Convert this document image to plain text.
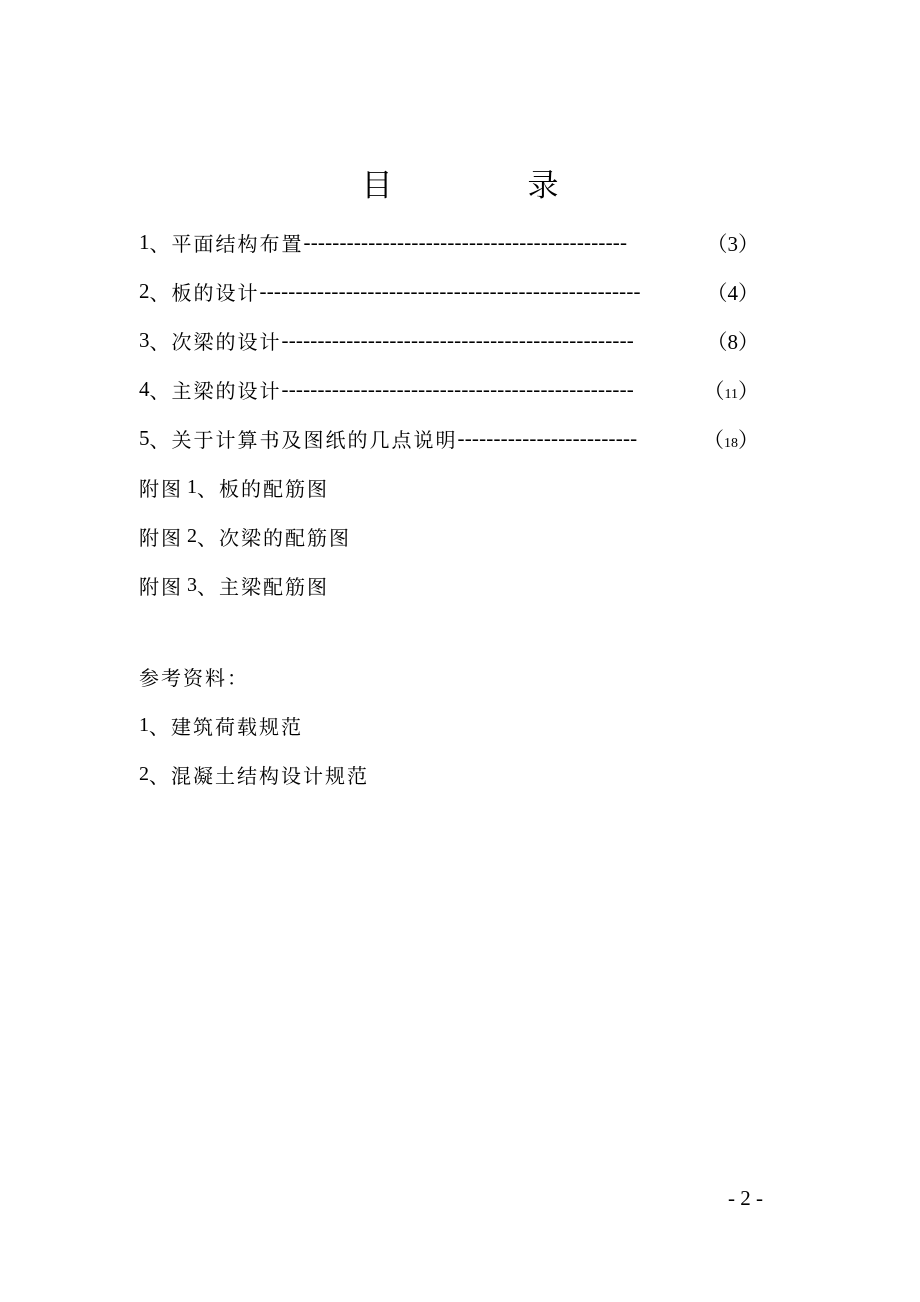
目　录
1 、平面结构布置 ---------------------------------------------	（3）
2 、板的设计 -----------------------------------------------------	（4）
3 、次梁的设计 -------------------------------------------------	（8）
4 、主梁的设计 -------------------------------------------------	（11）
5 、关于计算书及图纸的几点说明 -------------------------	（18）
附图 1 、板的配筋图
附图 2 、次梁的配筋图
附图 3 、主梁配筋图
参考资料：
1 、建筑荷载规范
2 、混凝土结构设计规范
- 2 -
